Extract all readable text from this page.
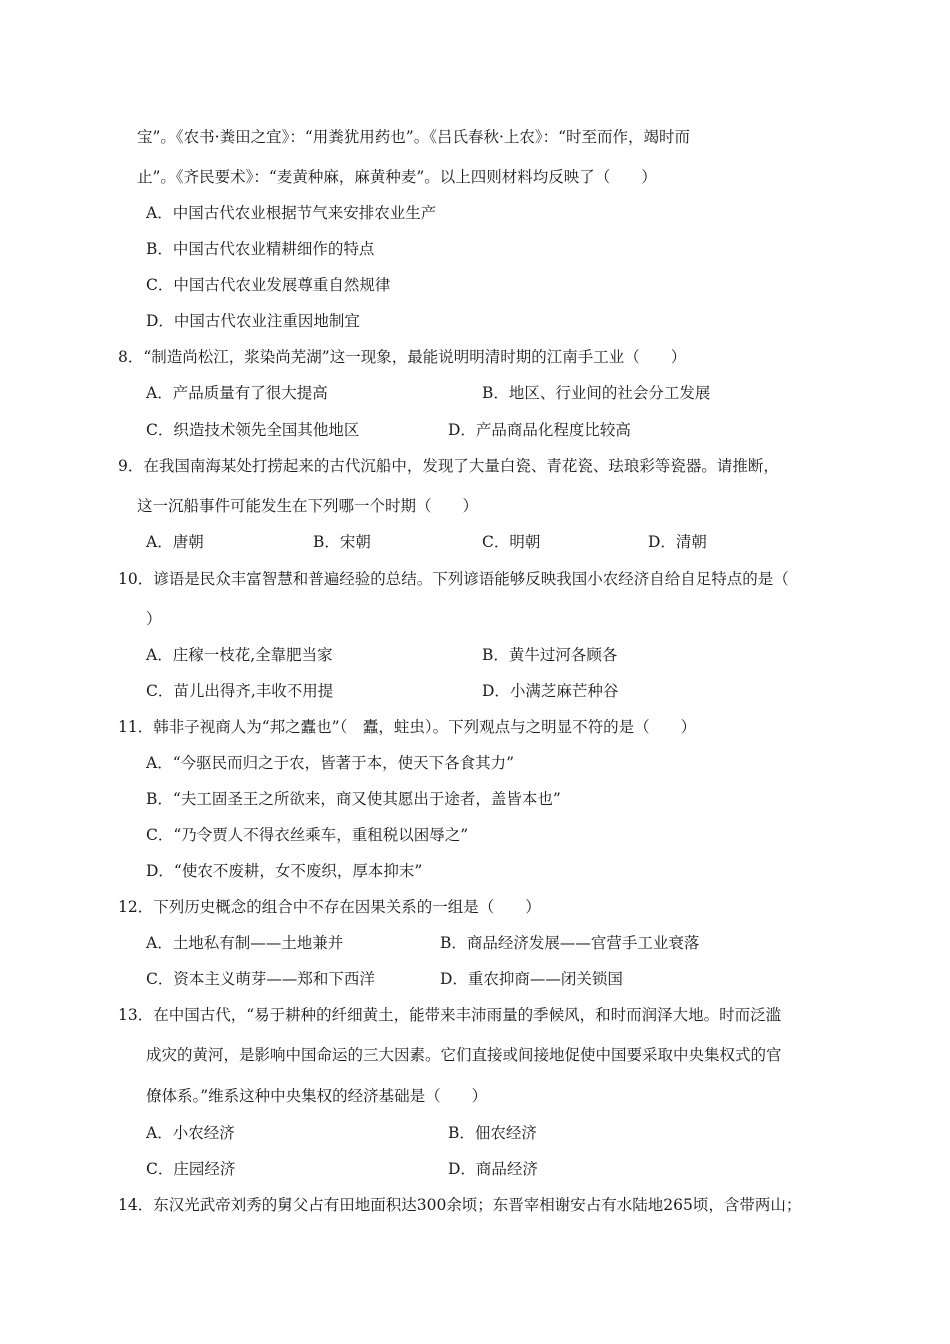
宝”。《农书·粪田之宜》：“用粪犹用药也”。《吕氏春秋·上农》：“时至而作，竭时而
止”。《齐民要术》：“麦黄种麻，麻黄种麦”。以上四则材料均反映了（　　）
A．中国古代农业根据节气来安排农业生产
B．中国古代农业精耕细作的特点
C．中国古代农业发展尊重自然规律
D．中国古代农业注重因地制宜
8．“制造尚松江，浆染尚芜湖”这一现象，最能说明明清时期的江南手工业（　　）
A．产品质量有了很大提高	B．地区、行业间的社会分工发展
C．织造技术领先全国其他地区	D．产品商品化程度比较高
9．在我国南海某处打捞起来的古代沉船中，发现了大量白瓷、青花瓷、珐琅彩等瓷器。请推断，
这一沉船事件可能发生在下列哪一个时期（　　）
A．唐朝	B．宋朝	C．明朝	D．清朝
10．谚语是民众丰富智慧和普遍经验的总结。下列谚语能够反映我国小农经济自给自足特点的是（
）
A．庄稼一枝花,全靠肥当家	B．黄牛过河各顾各
C．苗儿出得齐,丰收不用提	D．小满芝麻芒种谷
11．韩非子视商人为“邦之蠹也”（　蠹，蛀虫）。下列观点与之明显不符的是（　　）
A．“今驱民而归之于农，皆著于本，使天下各食其力”
B．“夫工固圣王之所欲来，商又使其愿出于途者，盖皆本也”
C．“乃令贾人不得衣丝乘车，重租税以困辱之”
D．“使农不废耕，女不废织，厚本抑末”
12．下列历史概念的组合中不存在因果关系的一组是（　　）
A．土地私有制——土地兼并	B．商品经济发展——官营手工业衰落
C．资本主义萌芽——郑和下西洋	D．重农抑商——闭关锁国
13．在中国古代，“易于耕种的纤细黄土，能带来丰沛雨量的季候风，和时而润泽大地。时而泛滥
成灾的黄河，是影响中国命运的三大因素。它们直接或间接地促使中国要采取中央集权式的官
僚体系。”维系这种中央集权的经济基础是（　　）
A．小农经济	B．佃农经济
C．庄园经济	D．商品经济
14．东汉光武帝刘秀的舅父占有田地面积达300余顷；东晋宰相谢安占有水陆地265顷，含带两山；
